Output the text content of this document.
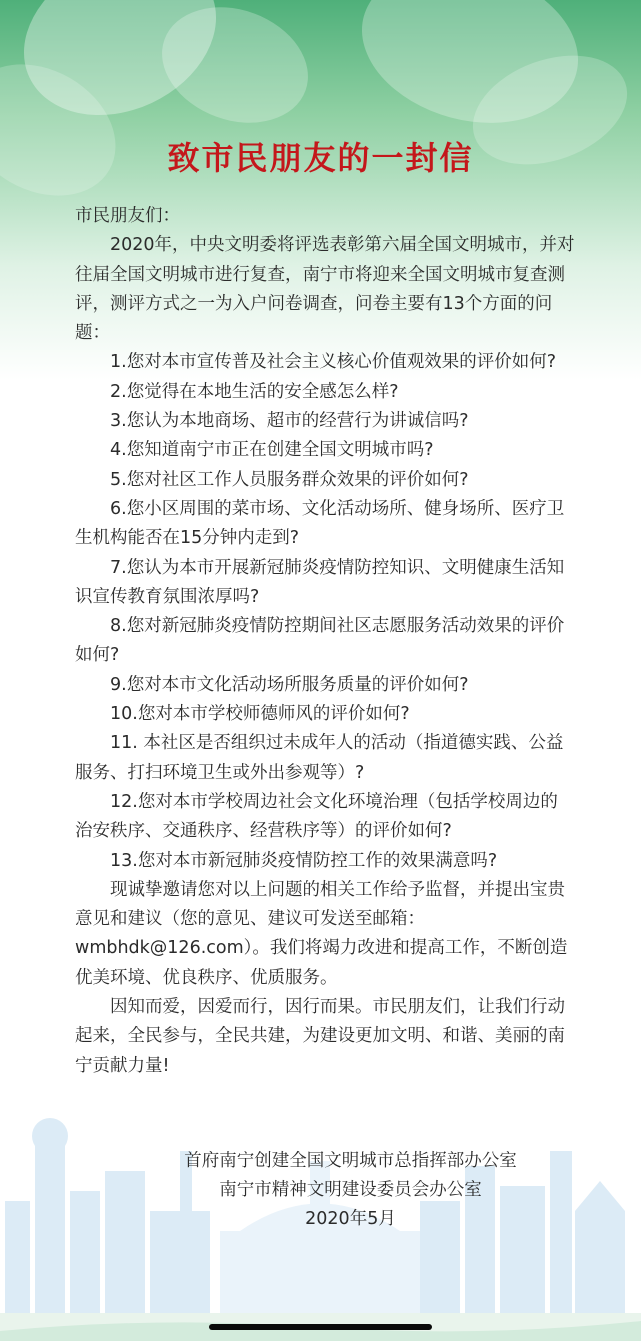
致市民朋友的一封信

市民朋友们：

2020年，中央文明委将评选表彰第六届全国文明城市，并对往届全国文明城市进行复查，南宁市将迎来全国文明城市复查测评，测评方式之一为入户问卷调查，问卷主要有13个方面的问题：

1.您对本市宣传普及社会主义核心价值观效果的评价如何?

2.您觉得在本地生活的安全感怎么样?

3.您认为本地商场、超市的经营行为讲诚信吗?

4.您知道南宁市正在创建全国文明城市吗?

5.您对社区工作人员服务群众效果的评价如何?

6.您小区周围的菜市场、文化活动场所、健身场所、医疗卫生机构能否在15分钟内走到?

7.您认为本市开展新冠肺炎疫情防控知识、文明健康生活知识宣传教育氛围浓厚吗?

8.您对新冠肺炎疫情防控期间社区志愿服务活动效果的评价如何?

9.您对本市文化活动场所服务质量的评价如何?

10.您对本市学校师德师风的评价如何?

11. 本社区是否组织过未成年人的活动（指道德实践、公益服务、打扫环境卫生或外出参观等）?

12.您对本市学校周边社会文化环境治理（包括学校周边的治安秩序、交通秩序、经营秩序等）的评价如何?

13.您对本市新冠肺炎疫情防控工作的效果满意吗?

现诚挚邀请您对以上问题的相关工作给予监督，并提出宝贵意见和建议（您的意见、建议可发送至邮箱：wmbhdk@126.com）。我们将竭力改进和提高工作，不断创造优美环境、优良秩序、优质服务。

因知而爱，因爱而行，因行而果。市民朋友们，让我们行动起来，全民参与，全民共建，为建设更加文明、和谐、美丽的南宁贡献力量!

首府南宁创建全国文明城市总指挥部办公室
南宁市精神文明建设委员会办公室
2020年5月
